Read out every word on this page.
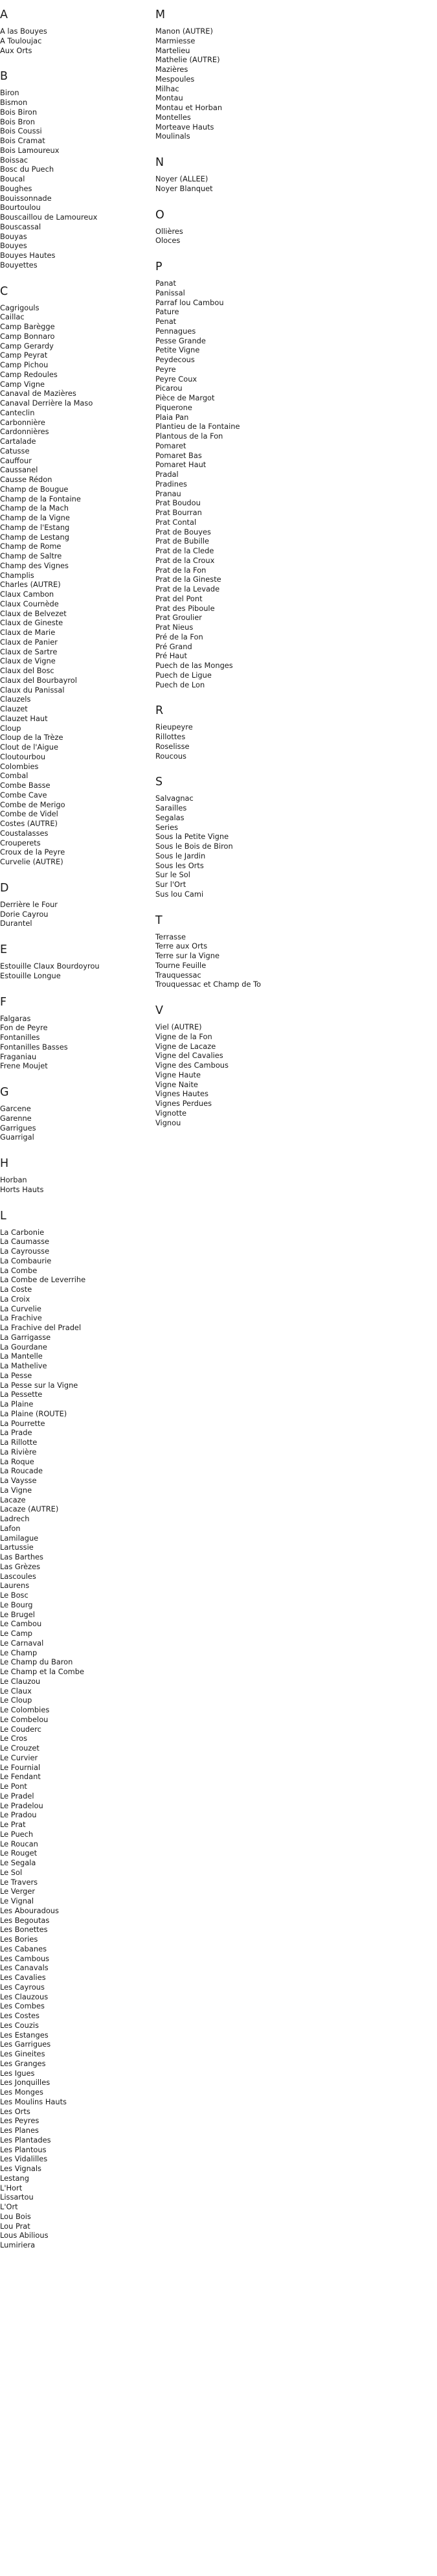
A
A las Bouyes
A Touloujac
Aux Orts
B
Biron
Bismon
Bois Biron
Bois Bron
Bois Coussi
Bois Cramat
Bois Lamoureux
Boissac
Bosc du Puech
Boucal
Boughes
Bouissonnade
Bourtoulou
Bouscaillou de Lamoureux
Bouscassal
Bouyas
Bouyes
Bouyes Hautes
Bouyettes
C
Cagrigouls
Caillac
Camp Barègge
Camp Bonnaro
Camp Gerardy
Camp Peyrat
Camp Pichou
Camp Redoules
Camp Vigne
Canaval de Mazières
Canaval Derrière la Maso
Canteclin
Carbonnière
Cardonnières
Cartalade
Catusse
Cauffour
Caussanel
Causse Rédon
Champ de Bougue
Champ de la Fontaine
Champ de la Mach
Champ de la Vigne
Champ de l'Estang
Champ de Lestang
Champ de Rome
Champ de Saltre
Champ des Vignes
Champlis
Charles (AUTRE)
Claux Cambon
Claux Cournède
Claux de Belvezet
Claux de Gineste
Claux de Marie
Claux de Panier
Claux de Sartre
Claux de Vigne
Claux del Bosc
Claux del Bourbayrol
Claux du Panissal
Clauzels
Clauzet
Clauzet Haut
Cloup
Cloup de la Trèze
Clout de l'Aigue
Cloutourbou
Colombies
Combal
Combe Basse
Combe Cave
Combe de Merigo
Combe de Videl
Costes (AUTRE)
Coustalasses
Crouperets
Croux de la Peyre
Curvelie (AUTRE)
D
Derrière le Four
Dorie Cayrou
Durantel
E
Estouille Claux Bourdoyrou
Estouille Longue
F
Falgaras
Fon de Peyre
Fontanilles
Fontanilles Basses
Fraganiau
Frene Moujet
G
Garcene
Garenne
Garrigues
Guarrigal
H
Horban
Horts Hauts
L
La Carbonie
La Caumasse
La Cayrousse
La Combaurie
La Combe
La Combe de Leverrihe
La Coste
La Croix
La Curvelie
La Frachive
La Frachive del Pradel
La Garrigasse
La Gourdane
La Mantelle
La Mathelive
La Pesse
La Pesse sur la Vigne
La Pessette
La Plaine
La Plaine (ROUTE)
La Pourrette
La Prade
La Rillotte
La Rivière
La Roque
La Roucade
La Vaysse
La Vigne
Lacaze
Lacaze (AUTRE)
Ladrech
Lafon
Lamilague
Lartussie
Las Barthes
Las Grèzes
Lascoules
Laurens
Le Bosc
Le Bourg
Le Brugel
Le Cambou
Le Camp
Le Carnaval
Le Champ
Le Champ du Baron
Le Champ et la Combe
Le Clauzou
Le Claux
Le Cloup
Le Colombies
Le Combelou
Le Couderc
Le Cros
Le Crouzet
Le Curvier
Le Fournial
Le Fendant
Le Pont
Le Pradel
Le Pradelou
Le Pradou
Le Prat
Le Puech
Le Roucan
Le Rouget
Le Segala
Le Sol
Le Travers
Le Verger
Le Vignal
Les Abouradous
Les Begoutas
Les Bonettes
Les Bories
Les Cabanes
Les Cambous
Les Canavals
Les Cavalies
Les Cayrous
Les Clauzous
Les Combes
Les Costes
Les Couzis
Les Estanges
Les Garrigues
Les Gineites
Les Granges
Les Igues
Les Jonquilles
Les Monges
Les Moulins Hauts
Les Orts
Les Peyres
Les Planes
Les Plantades
Les Plantous
Les Vidalilles
Les Vignals
Lestang
L'Hort
Lissartou
L'Ort
Lou Bois
Lou Prat
Lous Abilious
Lumiriera
M
Manon (AUTRE)
Marmiesse
Martelieu
Mathelie (AUTRE)
Mazières
Mespoules
Milhac
Montau
Montau et Horban
Montelles
Morteave Hauts
Moulinals
N
Noyer (ALLEE)
Noyer Blanquet
O
Ollières
Oloces
P
Panat
Panissal
Parraf lou Cambou
Pature
Penat
Pennagues
Pesse Grande
Petite Vigne
Peydecous
Peyre
Peyre Coux
Picarou
Pièce de Margot
Piquerone
Plaia Pan
Plantieu de la Fontaine
Plantous de la Fon
Pomaret
Pomaret Bas
Pomaret Haut
Pradal
Pradines
Pranau
Prat Boudou
Prat Bourran
Prat Contal
Prat de Bouyes
Prat de Bubille
Prat de la Clede
Prat de la Croux
Prat de la Fon
Prat de la Gineste
Prat de la Levade
Prat del Pont
Prat des Piboule
Prat Groulier
Prat Nieus
Pré de la Fon
Pré Grand
Pré Haut
Puech de las Monges
Puech de Ligue
Puech de Lon
R
Rieupeyre
Rillottes
Roselisse
Roucous
S
Salvagnac
Sarailles
Segalas
Series
Sous la Petite Vigne
Sous le Bois de Biron
Sous le Jardin
Sous les Orts
Sur le Sol
Sur l'Ort
Sus lou Cami
T
Terrasse
Terre aux Orts
Terre sur la Vigne
Tourne Feuille
Trauquessac
Trouquessac et Champ de To
V
Viel (AUTRE)
Vigne de la Fon
Vigne de Lacaze
Vigne del Cavalies
Vigne des Cambous
Vigne Haute
Vigne Naite
Vignes Hautes
Vignes Perdues
Vignotte
Vignou
